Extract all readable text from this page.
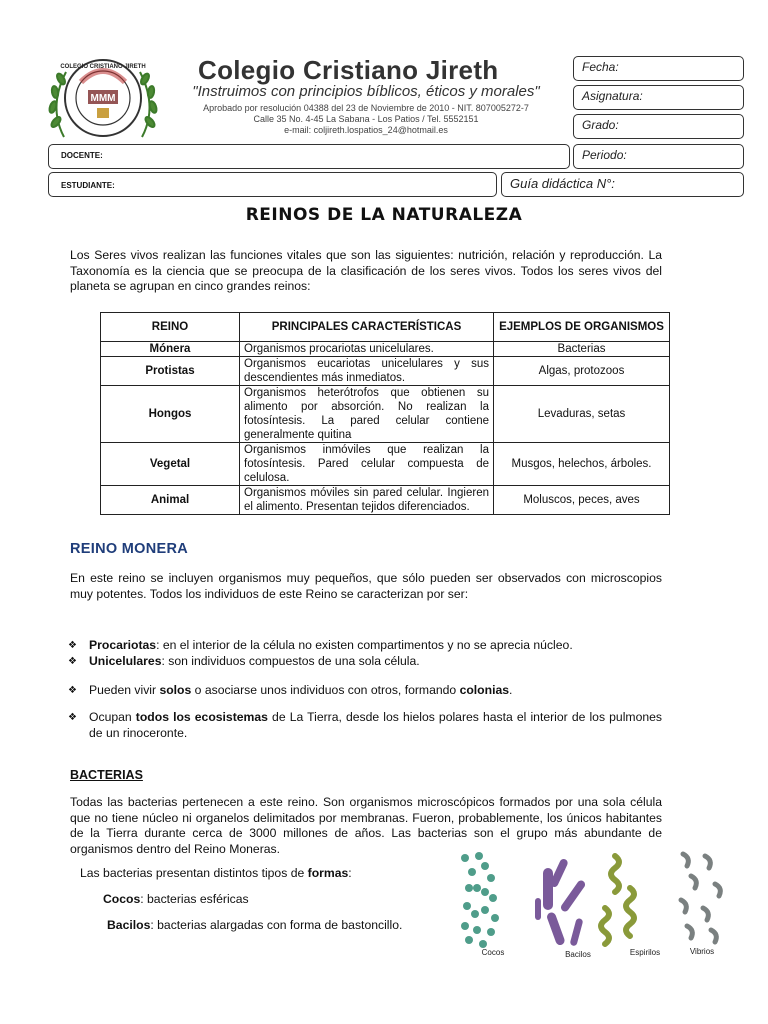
MMM
COLEGIO CRISTIANO JIRETH Colegio Cristiano Jireth
"Instruimos con principios bíblicos, éticos y morales"
Aprobado por resolución 04388 del 23 de Noviembre de 2010 - NIT. 807005272-7
Calle 35 No. 4-45 La Sabana - Los Patios / Tel. 5552151
e-mail: coljireth.lospatios_24@hotmail.es
Fecha:
Asignatura:
Grado:
Periodo:
DOCENTE:
ESTUDIANTE:	Guía didáctica N°:
REINOS DE LA NATURALEZA
Los Seres vivos realizan las funciones vitales que son las siguientes: nutrición, relación y reproducción. La Taxonomía es la ciencia que se preocupa de la clasificación de los seres vivos. Todos los seres vivos del planeta se agrupan en cinco grandes reinos:
REINO	PRINCIPALES CARACTERÍSTICAS	EJEMPLOS DE ORGANISMOS
Mónera	Organismos procariotas unicelulares.	Bacterias
Protistas	Organismos eucariotas unicelulares y sus descendientes más inmediatos.	Algas, protozoos
Hongos	Organismos heterótrofos que obtienen su alimento por absorción. No realizan la fotosíntesis. La pared celular contiene generalmente quitina	Levaduras, setas
Vegetal	Organismos inmóviles que realizan la fotosíntesis. Pared celular compuesta de celulosa.	Musgos, helechos, árboles.
Animal	Organismos móviles sin pared celular. Ingieren el alimento. Presentan tejidos diferenciados.	Moluscos, peces, aves
REINO MONERA
En este reino se incluyen organismos muy pequeños, que sólo pueden ser observados con microscopios muy potentes. Todos los individuos de este Reino se caracterizan por ser:
❖ Procariotas: en el interior de la célula no existen compartimentos y no se aprecia núcleo.
❖ Unicelulares: son individuos compuestos de una sola célula.
❖ Pueden vivir solos o asociarse unos individuos con otros, formando colonias.
❖ Ocupan todos los ecosistemas de La Tierra, desde los hielos polares hasta el interior de los pulmones de un rinoceronte.
BACTERIAS
Todas las bacterias pertenecen a este reino. Son organismos microscópicos formados por una sola célula que no tiene núcleo ni organelos delimitados por membranas. Fueron, probablemente, los únicos habitantes de la Tierra durante cerca de 3000 millones de años. Las bacterias son el grupo más abundante de organismos dentro del Reino Moneras.
Las bacterias presentan distintos tipos de formas:
Cocos: bacterias esféricas
Bacilos: bacterias alargadas con forma de bastoncillo.
Cocos	Bacilos	Espirilos	Vibrios
